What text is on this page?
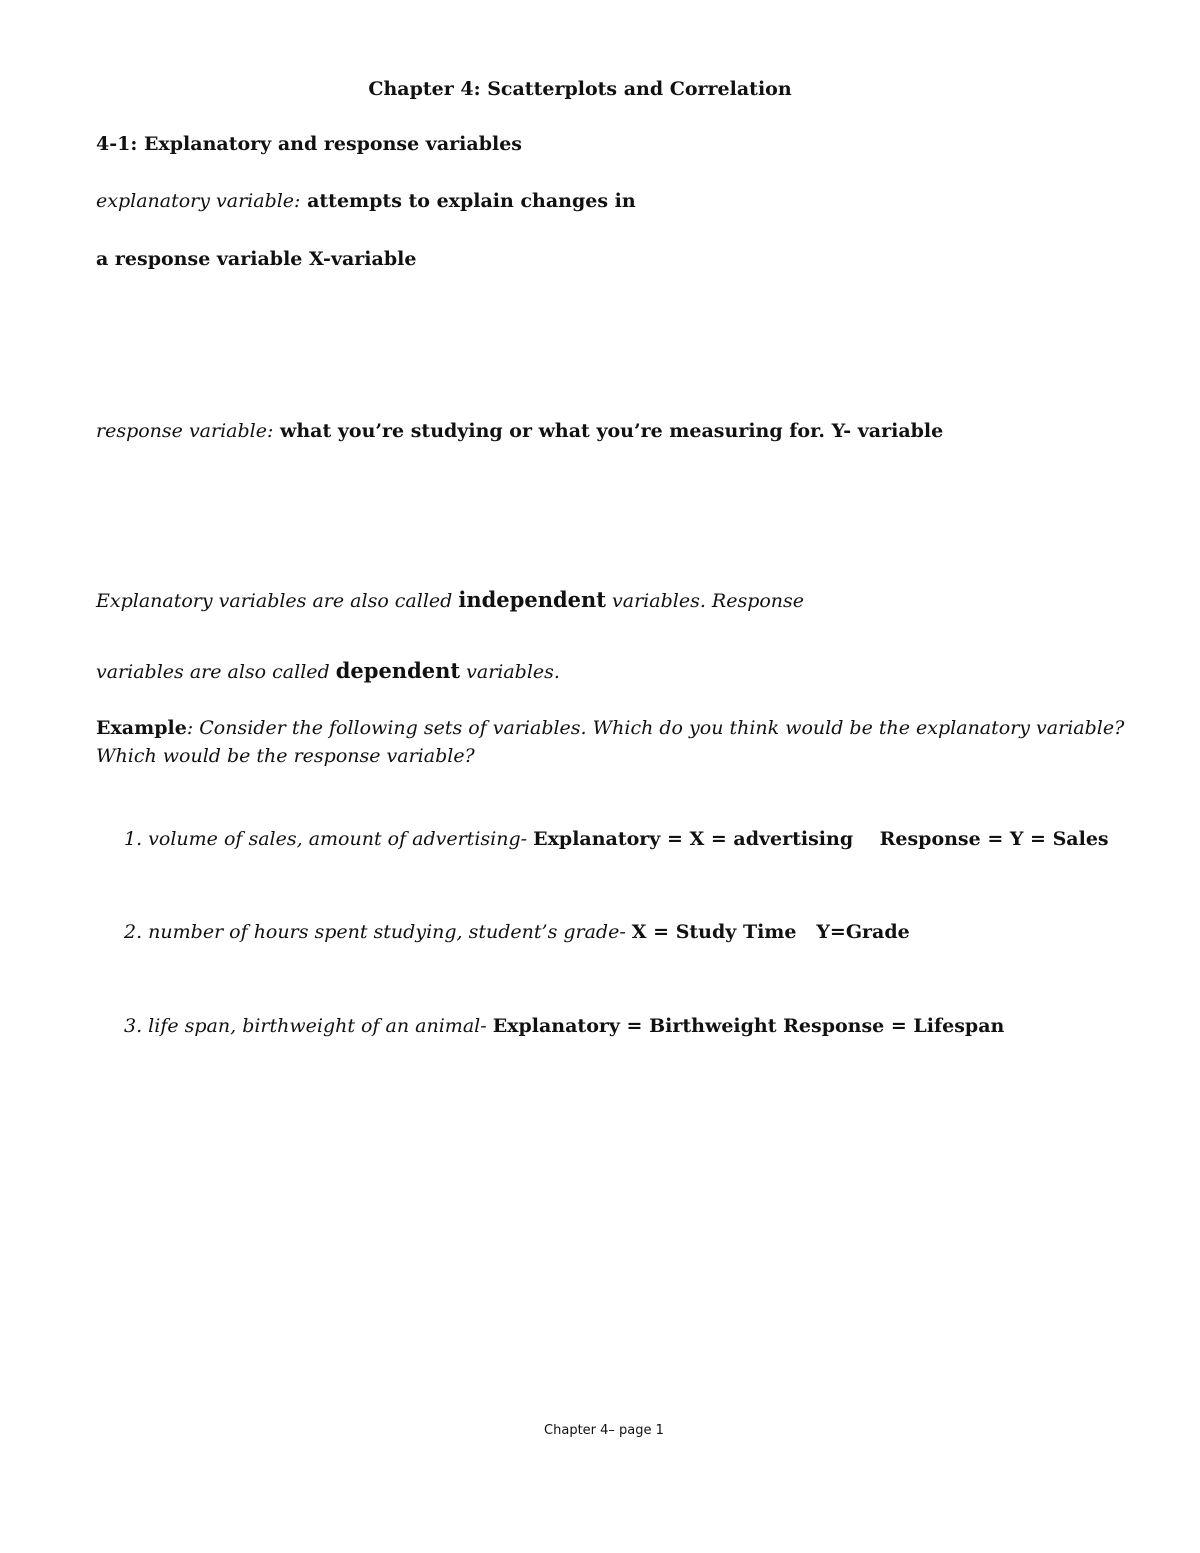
Chapter 4: Scatterplots and Correlation
4-1: Explanatory and response variables
explanatory variable: attempts to explain changes in
a response variable X-variable
response variable: what you’re studying or what you’re measuring for. Y- variable
Explanatory variables are also called independent variables. Response
variables are also called dependent variables.
Example: Consider the following sets of variables. Which do you think would be the explanatory variable? Which would be the response variable?
1. volume of sales, amount of advertising- Explanatory = X = advertising    Response = Y = Sales
2. number of hours spent studying, student’s grade- X = Study Time   Y=Grade
3. life span, birthweight of an animal- Explanatory = Birthweight Response = Lifespan
Chapter 4– page 1
